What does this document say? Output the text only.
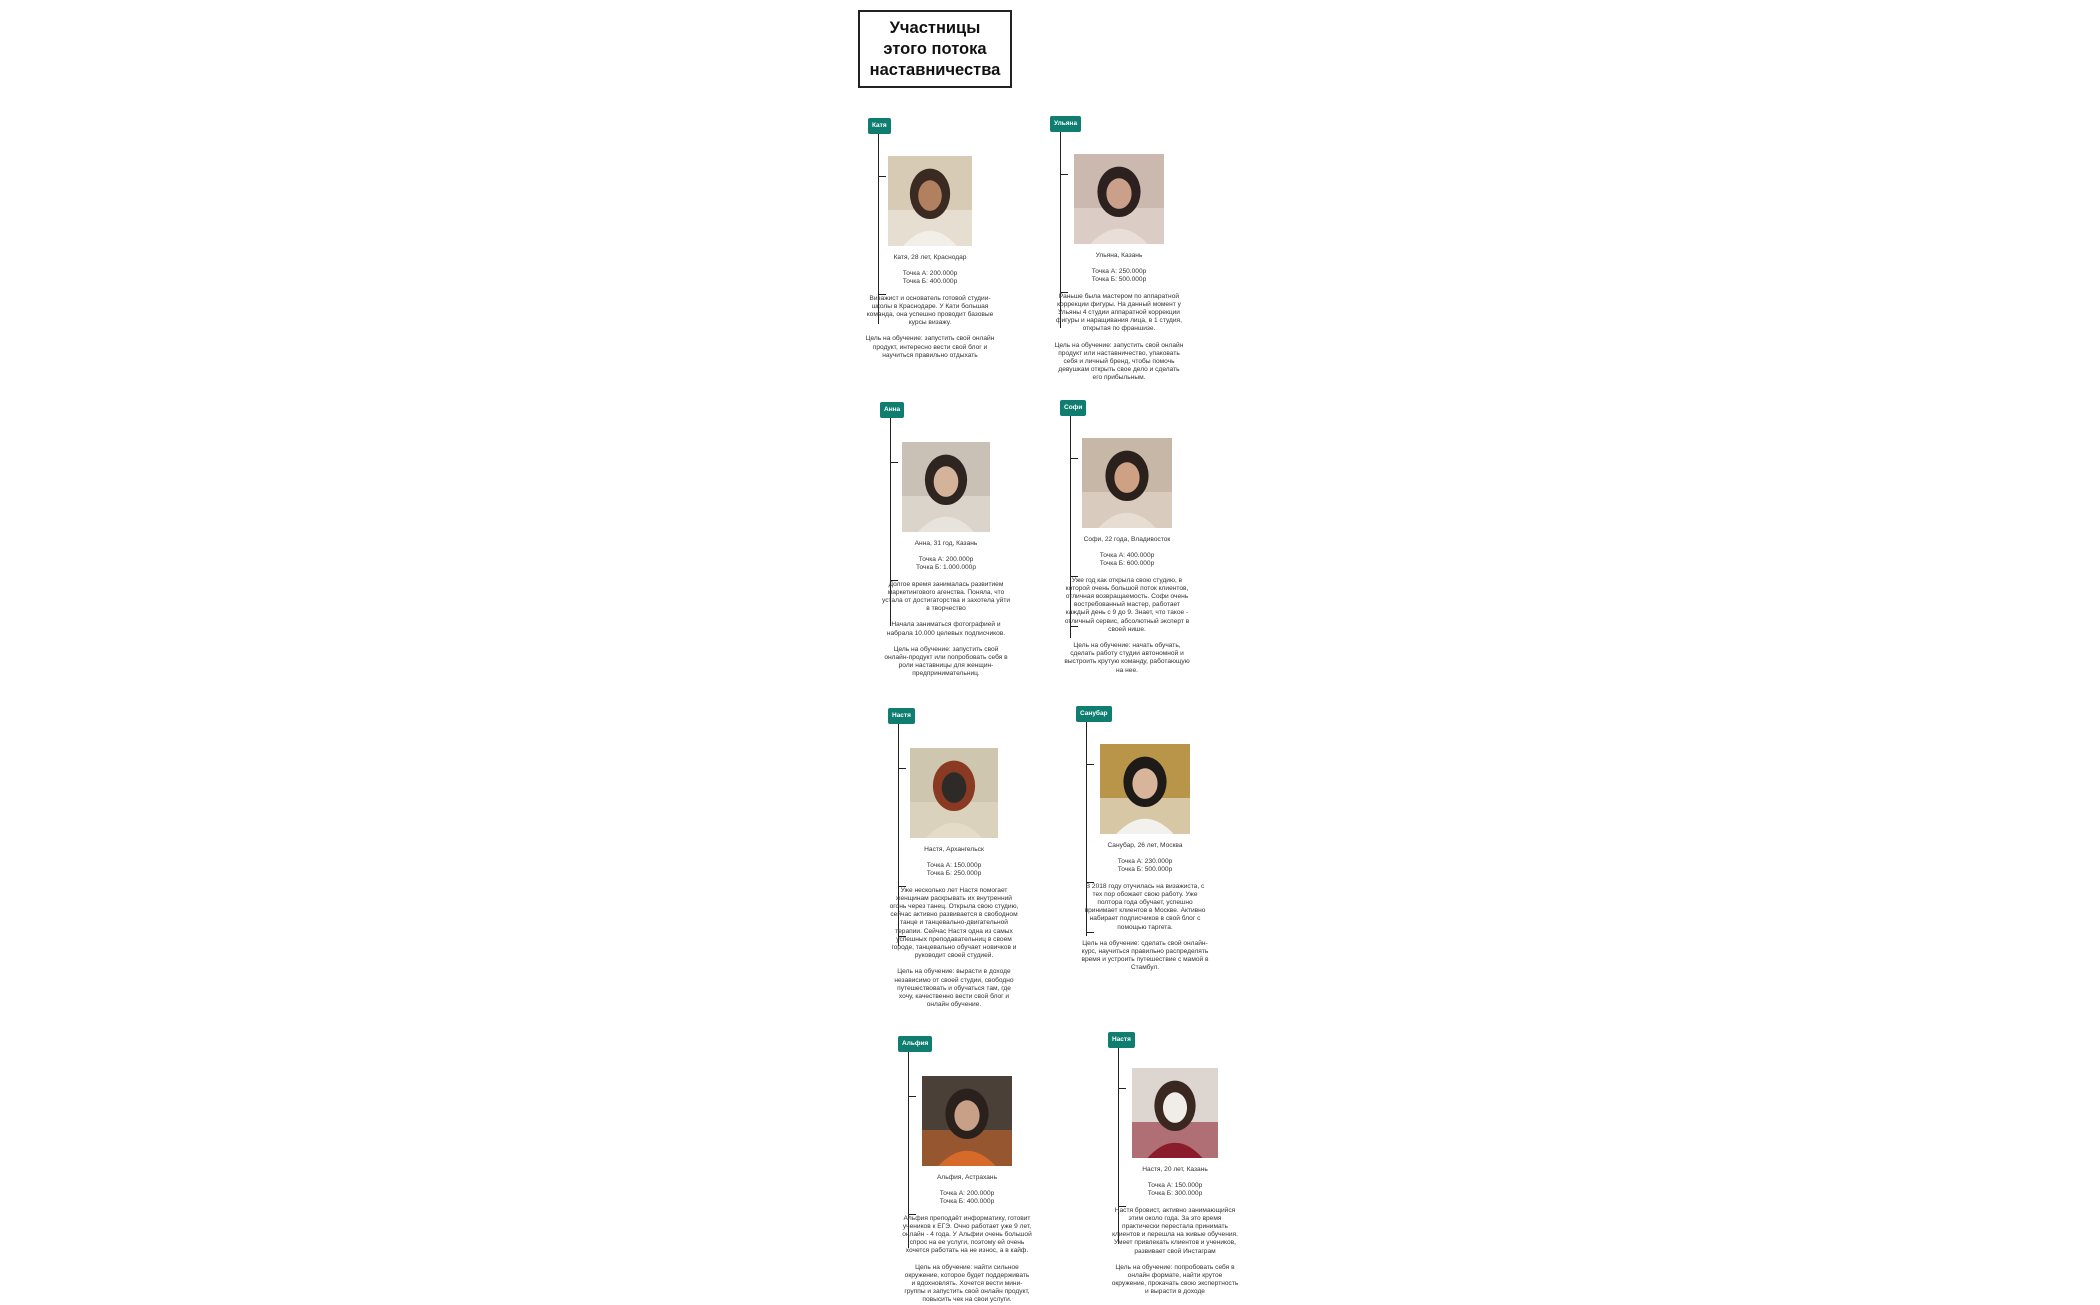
Участницы
этого потока
наставничества
Катя
Катя, 28 лет, Краснодар
Точка А: 200.000р
Точка Б: 400.000р
Визажист и основатель готовой студии-школы в Краснодаре. У Кати большая команда, она успешно проводит базовые курсы визажу.
Цель на обучение: запустить свой онлайн продукт, интересно вести свой блог и научиться правильно отдыхать
Ульяна
Ульяна, Казань
Точка А: 250.000р
Точка Б: 500.000р
Раньше была мастером по аппаратной коррекции фигуры. На данный момент у Ульяны 4 студии аппаратной коррекции фигуры и наращивания лица, в 1 студия, открытая по франшизе.
Цель на обучение: запустить свой онлайн продукт или наставничество, упаковать себя и личный бренд, чтобы помочь девушкам открыть свое дело и сделать его прибыльным.
Анна
Анна, 31 год, Казань
Точка А: 200.000р
Точка Б: 1.000.000р
Долгое время занималась развитием маркетингового агенства. Поняла, что устала от достигаторства и захотела уйти в творчество
Начала заниматься фотографией и набрала 10.000 целевых подписчиков.
Цель на обучение: запустить свой онлайн-продукт или попробовать себя в роли наставницы для женщин-предпринимательниц.
Софи
Софи, 22 года, Владивосток
Точка А: 400.000р
Точка Б: 600.000р
Уже год как открыла свою студию, в которой очень большой поток клиентов, отличная возвращаемость. Софи очень востребованный мастер, работает каждый день с 9 до 9. Знает, что такое - отличный сервис, абсолютный эксперт в своей нише.
Цель на обучение: начать обучать, сделать работу студии автономной и выстроить крутую команду, работающую на нее.
Настя
Настя, Архангельск
Точка А: 150.000р
Точка Б: 250.000р
Уже несколько лет Настя помогает женщинам раскрывать их внутренний огонь через танец. Открыла свою студию, сейчас активно развивается в свободном танце и танцевально-двигательной терапии. Сейчас Настя одна из самых успешных преподавательниц в своем городе, танцевально обучает новичков и руководит своей студией.
Цель на обучение: вырасти в доходе независимо от своей студии, свободно путешествовать и обучаться там, где хочу, качественно вести свой блог и онлайн обучение.
Санубар
Санубар, 26 лет, Москва
Точка А: 230.000р
Точка Б: 500.000р
В 2018 году отучилась на визажиста, с тех пор обожает свою работу. Уже полтора года обучает, успешно принимает клиентов в Москве. Активно набирает подписчиков в свой блог с помощью таргета.
Цель на обучение: сделать свой онлайн-курс, научиться правильно распределять время и устроить путешествие с мамой в Стамбул.
Альфия
Альфия, Астрахань
Точка А: 200.000р
Точка Б: 400.000р
Альфия преподаёт информатику, готовит учеников к ЕГЭ. Очно работает уже 9 лет, онлайн - 4 года. У Альфии очень большой спрос на ее услуги, поэтому ей очень хочется работать на не износ, а в кайф.
Цель на обучение: найти сильное окружение, которое будет поддерживать и вдохновлять. Хочется вести мини-группы и запустить свой онлайн продукт, повысить чек на свои услуги.
Настя
Настя, 20 лет, Казань
Точка А: 150.000р
Точка Б: 300.000р
Настя бровист, активно занимающийся этим около года. За это время практически перестала принимать клиентов и перешла на живые обучения. Умеет привлекать клиентов и учеников, развивает свой Инстаграм
Цель на обучение: попробовать себя в онлайн формате, найти крутое окружение, прокачать свою экспертность и вырасти в доходе
